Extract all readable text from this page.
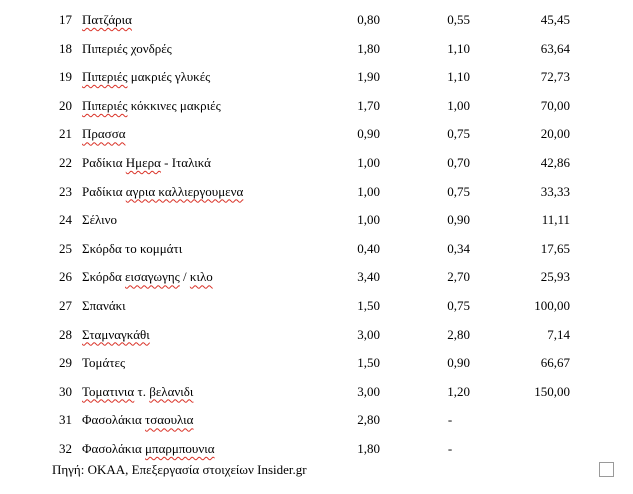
17 Πατζάρια	0,80	0,55	45,45
18 Πιπεριές χονδρές	1,80	1,10	63,64
19 Πιπεριές μακριές γλυκές	1,90	1,10	72,73
20 Πιπεριές κόκκινες μακριές	1,70	1,00	70,00
21 Πρασσα	0,90	0,75	20,00
22 Ραδίκια Ημερα - Ιταλικά	1,00	0,70	42,86
23 Ραδίκια αγρια καλλιεργουμενα	1,00	0,75	33,33
24 Σέλινο	1,00	0,90	11,11
25 Σκόρδα το κομμάτι	0,40	0,34	17,65
26 Σκόρδα εισαγωγης / κιλο	3,40	2,70	25,93
27 Σπανάκι	1,50	0,75	100,00
28 Σταμναγκάθι	3,00	2,80	7,14
29 Τομάτες	1,50	0,90	66,67
30 Τοματινια τ. βελανιδι	3,00	1,20	150,00
31 Φασολάκια τσαουλια	2,80	-
32 Φασολάκια μπαρμπουνια	1,80	-
Πηγή: ΟΚΑΑ, Επεξεργασία στοιχείων Insider.gr
